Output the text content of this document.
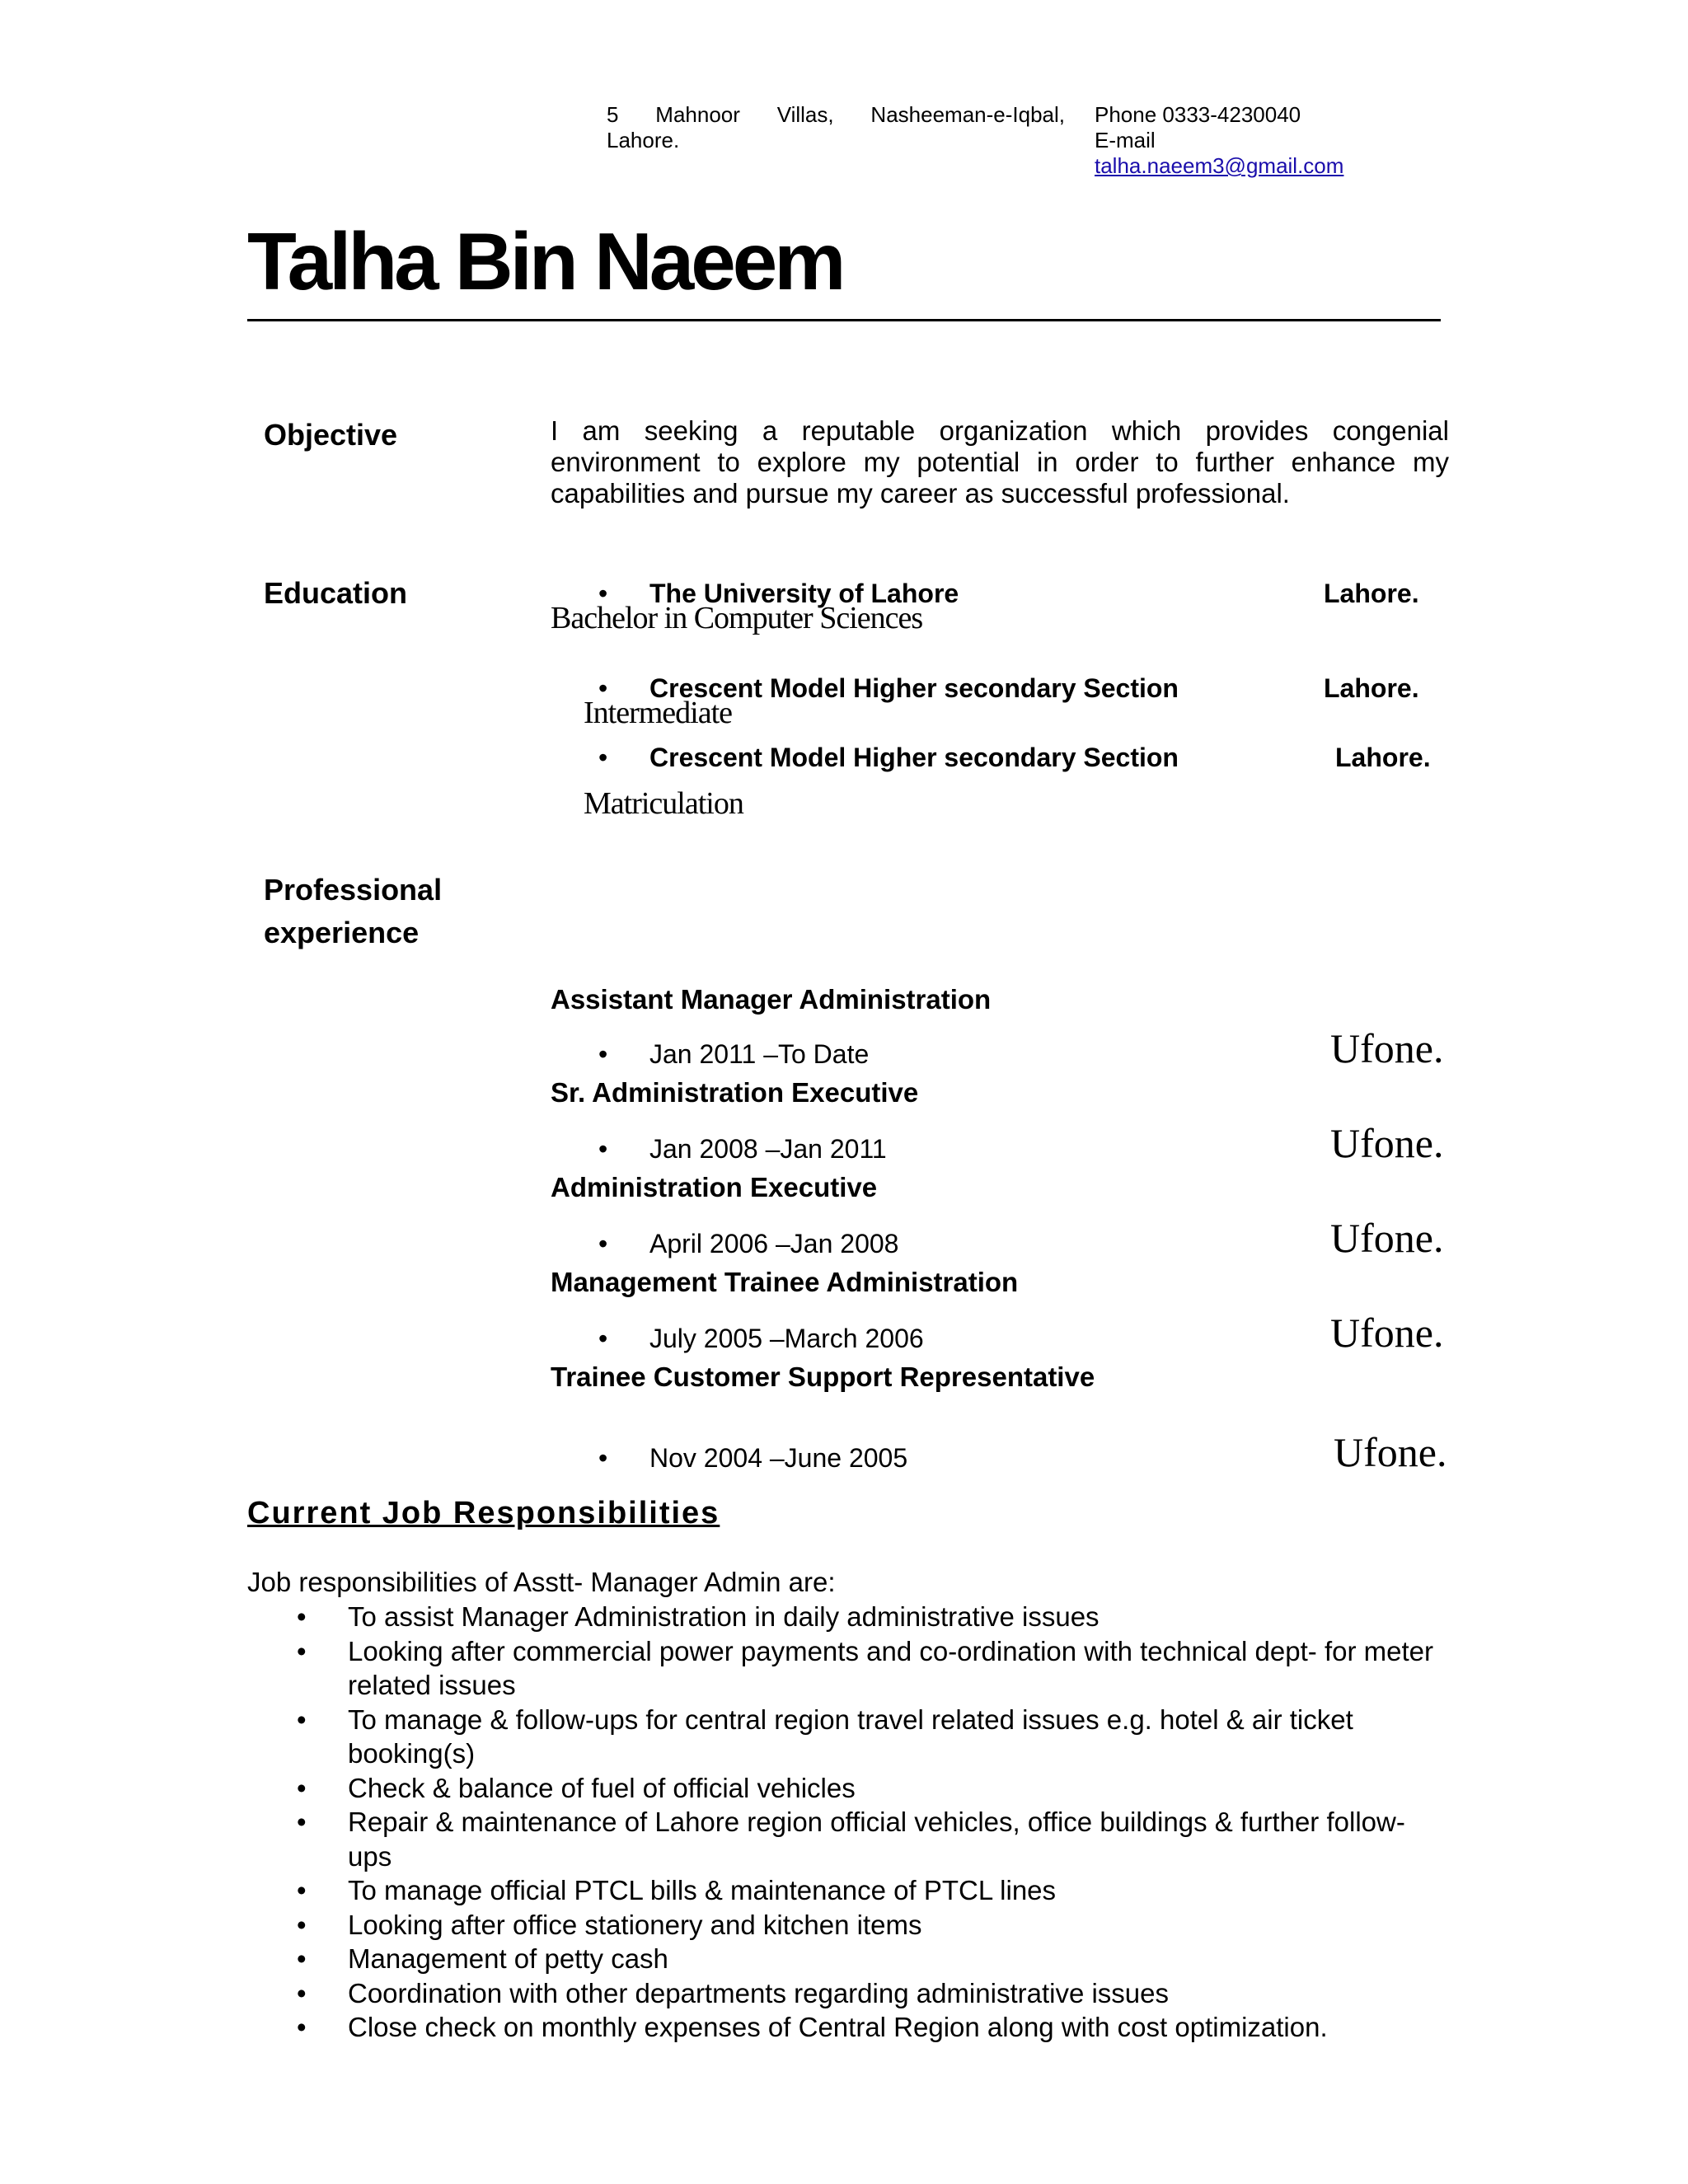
5 Mahnoor Villas, Nasheeman-e-Iqbal,
Lahore.
Phone 0333-4230040
E-mail
talha.naeem3@gmail.com
Talha Bin Naeem
Objective	I am seeking a reputable organization which provides congenial environment to explore my potential in order to further enhance my capabilities and pursue my career as successful professional.
Education	• The University of Lahore	Lahore.
Bachelor in Computer Sciences
• Crescent Model Higher secondary Section	Lahore.
Intermediate
• Crescent Model Higher secondary Section	Lahore.
Matriculation
Professional
experience
Assistant Manager Administration
• Jan 2011 –To Date	Ufone.
Sr. Administration Executive
• Jan 2008 –Jan 2011	Ufone.
Administration Executive
• April 2006 –Jan 2008	Ufone.
Management Trainee Administration
• July 2005 –March 2006	Ufone.
Trainee Customer Support Representative
• Nov 2004 –June 2005	Ufone.
Current Job Responsibilities
Job responsibilities of Asstt- Manager Admin are:
• To assist Manager Administration in daily administrative issues
• Looking after commercial power payments and co-ordination with technical dept- for meter related issues
• To manage & follow-ups for central region travel related issues e.g. hotel & air ticket booking(s)
• Check & balance of fuel of official vehicles
• Repair & maintenance of Lahore region official vehicles, office buildings & further follow-ups
• To manage official PTCL bills & maintenance of PTCL lines
• Looking after office stationery and kitchen items
• Management of petty cash
• Coordination with other departments regarding administrative issues
• Close check on monthly expenses of Central Region along with cost optimization.
